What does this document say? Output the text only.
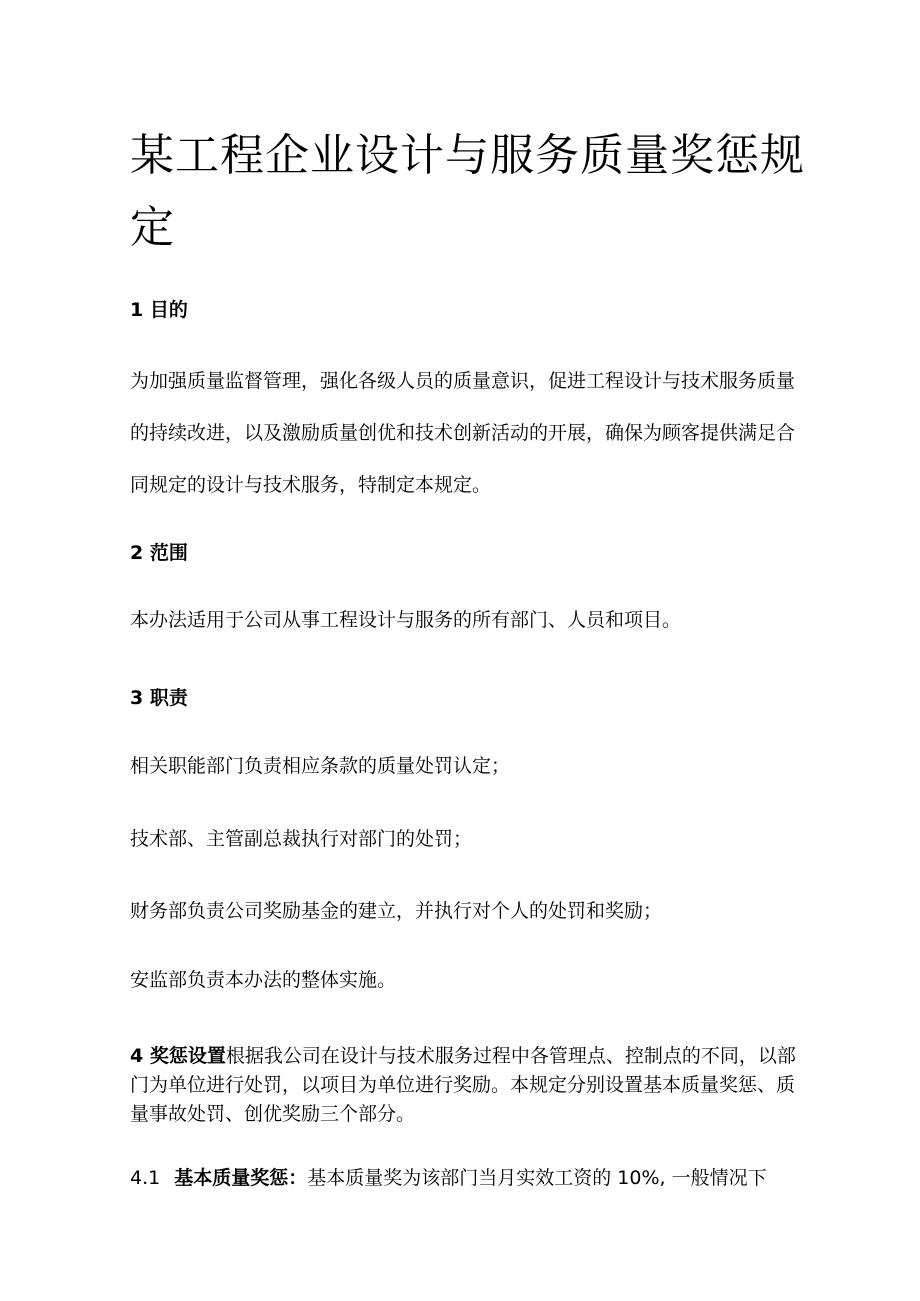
某工程企业设计与服务质量奖惩规定
1 目的

为加强质量监督管理，强化各级人员的质量意识，促进工程设计与技术服务质量的持续改进，以及激励质量创优和技术创新活动的开展，确保为顾客提供满足合同规定的设计与技术服务，特制定本规定。

2 范围

本办法适用于公司从事工程设计与服务的所有部门、人员和项目。

3 职责

相关职能部门负责相应条款的质量处罚认定；

技术部、主管副总裁执行对部门的处罚；

财务部负责公司奖励基金的建立，并执行对个人的处罚和奖励；

安监部负责本办法的整体实施。

4 奖惩设置根据我公司在设计与技术服务过程中各管理点、控制点的不同，以部门为单位进行处罚，以项目为单位进行奖励。本规定分别设置基本质量奖惩、质量事故处罚、创优奖励三个部分。

4.1 基本质量奖惩：基本质量奖为该部门当月实效工资的 10%, 一般情况下
